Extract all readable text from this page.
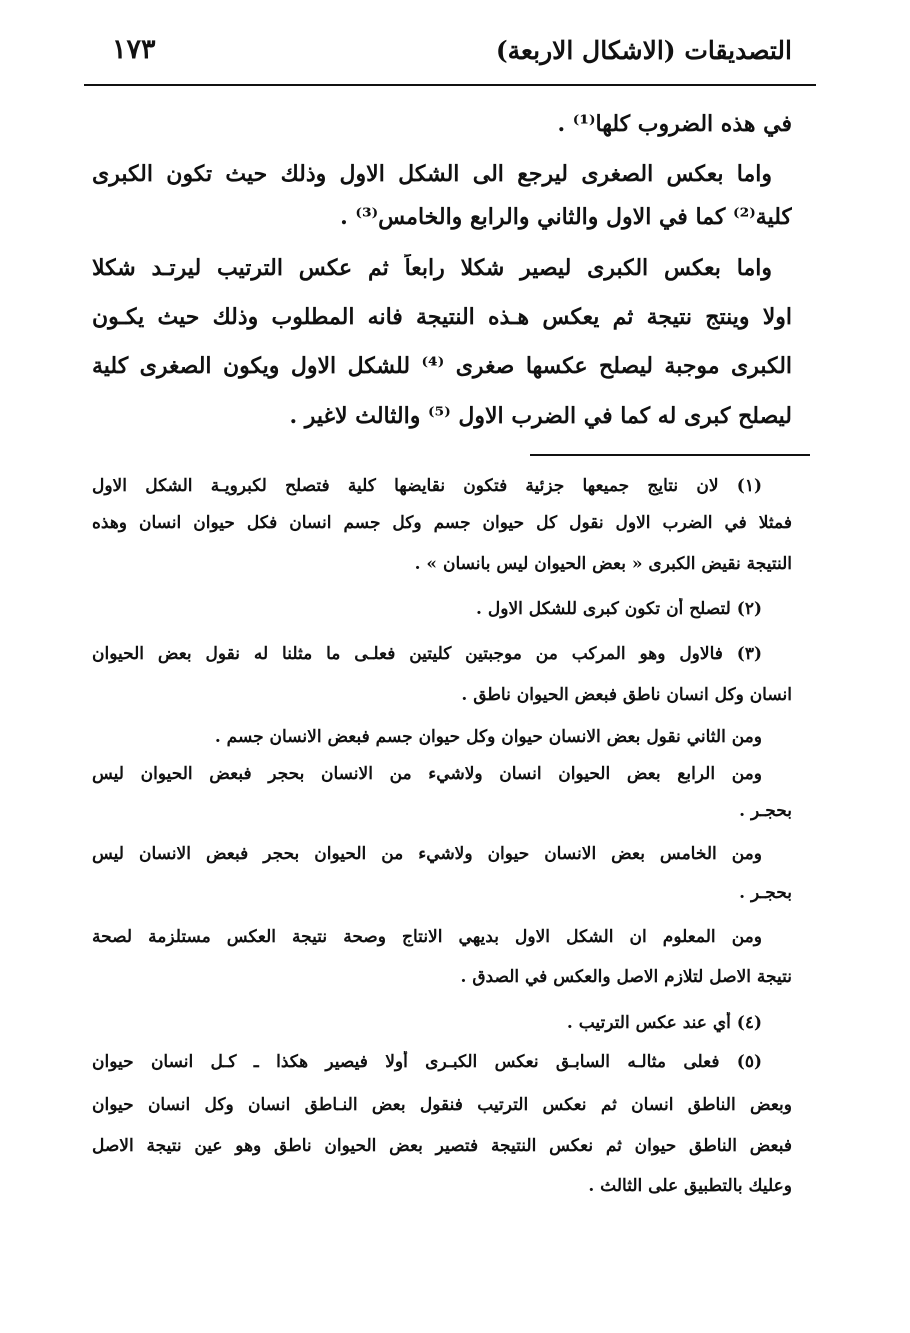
التصديقات (الاشكال الاربعة)
١٧٣
في هذه الضروب كلها⁽¹⁾ .
واما بعكس الصغرى ليرجع الى الشكل الاول وذلك حيث تكون الكبرى
كلية⁽²⁾ كما في الاول والثاني والرابع والخامس⁽³⁾ .
واما بعكس الكبرى ليصير شكلا رابعاً ثم عكس الترتيب ليرتـد شكلا
اولا وينتج نتيجة ثم يعكس هـذه النتيجة فانه المطلوب وذلك حيث يكـون
الكبرى موجبة ليصلح عكسها صغرى ⁽⁴⁾ للشكل الاول ويكون الصغرى كلية
ليصلح كبرى له كما في الضرب الاول ⁽⁵⁾ والثالث لاغير .
(١) لان نتايج جميعها جزئية فتكون نقايضها كلية فتصلح لكبرويـة الشكل الاول
فمثلا في الضرب الاول نقول كل حيوان جسم وكل جسم انسان فكل حيوان انسان وهذه
النتيجة نقيض الكبرى « بعض الحيوان ليس بانسان » .
(٢) لتصلح أن تكون كبرى للشكل الاول .
(٣) فالاول وهو المركب من موجبتين كليتين فعلـى ما مثلنا له نقول بعض الحيوان
انسان وكل انسان ناطق فبعض الحيوان ناطق .
ومن الثاني نقول بعض الانسان حيوان وكل حيوان جسم فبعض الانسان جسم .
ومن الرابع بعض الحيوان انسان ولاشيء من الانسان بحجر فبعض الحيوان ليس
بحجـر .
ومن الخامس بعض الانسان حيوان ولاشيء من الحيوان بحجر فبعض الانسان ليس
بحجـر .
ومن المعلوم ان الشكل الاول بديهي الانتاج وصحة نتيجة العكس مستلزمة لصحة
نتيجة الاصل لتلازم الاصل والعكس في الصدق .
(٤) أي عند عكس الترتيب .
(٥) فعلى مثالـه السابـق نعكس الكبـرى أولا فيصير هكذا ـ كـل انسان حيوان
وبعض الناطق انسان ثم نعكس الترتيب فنقول بعض النـاطق انسان وكل انسان حيوان
فبعض الناطق حيوان ثم نعكس النتيجة فتصير بعض الحيوان ناطق وهو عين نتيجة الاصل
وعليك بالتطبيق على الثالث .
